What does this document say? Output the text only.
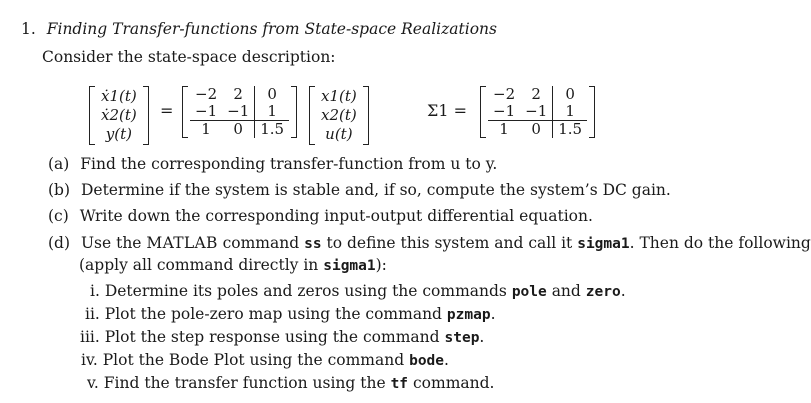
1. Finding Transfer-functions from State-space Realizations
Consider the state-space description:
ẋ1(t)
ẋ2(t)
y(t)
=
−2	2	0
−1	−1	1
1	0	1.5
x1(t)
x2(t)
u(t)
Σ1 =
−2	2	0
−1	−1	1
1	0	1.5
(a) Find the corresponding transfer-function from u to y.
(b) Determine if the system is stable and, if so, compute the system’s DC gain.
(c) Write down the corresponding input-output differential equation.
(d) Use the MATLAB command ss to define this system and call it sigma1. Then do the following
(apply all command directly in sigma1):
i. Determine its poles and zeros using the commands pole and zero.
ii. Plot the pole-zero map using the command pzmap.
iii. Plot the step response using the command step.
iv. Plot the Bode Plot using the command bode.
v. Find the transfer function using the tf command.
